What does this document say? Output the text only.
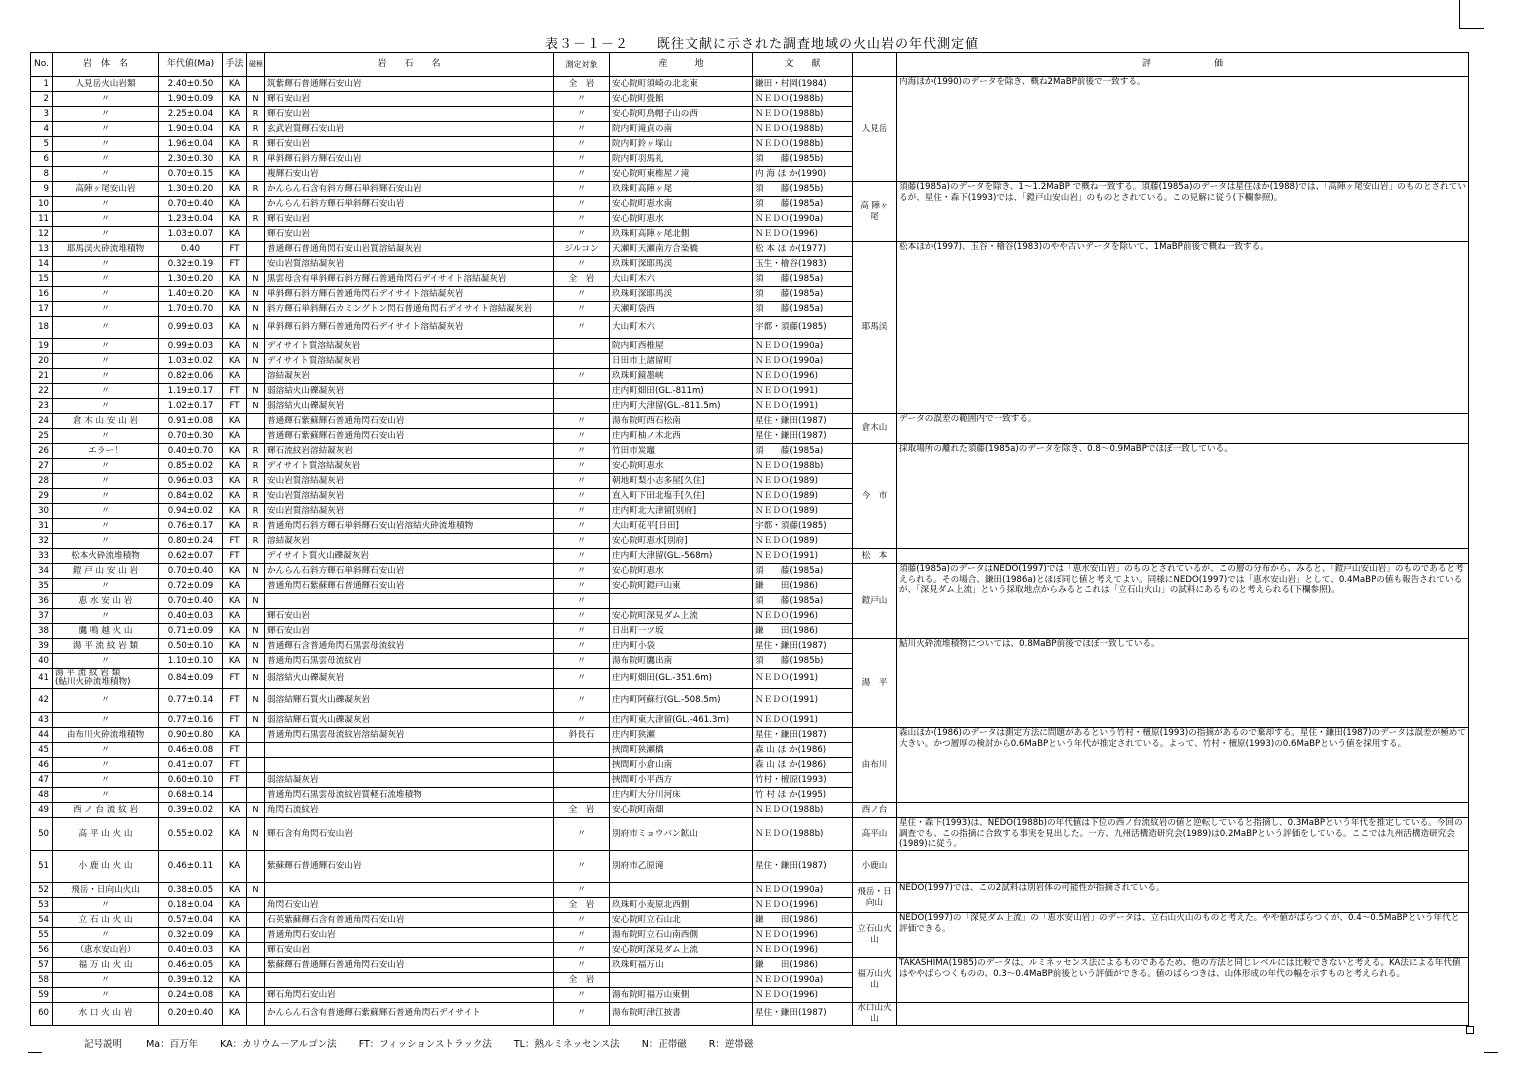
表３－１－２　　既往文献に示された調査地域の火山岩の年代測定値
No.	岩　体　名	年代値(Ma)	手法	磁極	岩　　石　　名	測定対象	産　　　地	文　　献		評　　　　　　　価
1	人見岳火山岩類	2.40±0.50	KA		筑紫輝石普通輝石安山岩	全　岩	安心院町須崎の北北東	鎌田・村岡(1984)	人見岳	内海ほか(1990)のデータを除き、概ね2MaBP前後で一致する。
2	〃	1.90±0.09	KA	N	輝石安山岩	〃	安心院町畳館	ＮＥＤＯ(1988b)		
3	〃	2.25±0.04	KA	R	輝石安山岩	〃	安心院町鳥帽子山の西	ＮＥＤＯ(1988b)		
4	〃	1.90±0.04	KA	R	玄武岩質輝石安山岩	〃	院内町滝貞の南	ＮＥＤＯ(1988b)		
5	〃	1.96±0.04	KA	R	輝石安山岩	〃	院内町鈴ヶ塚山	ＮＥＤＯ(1988b)		
6	〃	2.30±0.30	KA	R	単斜輝石斜方輝石安山岩	〃	院内町羽馬礼	須　　藤(1985b)		
8	〃	0.70±0.15	KA		複輝石安山岩	〃	安心院町東椎屋ノ滝	内 海 ほ か(1990)		
9	高陣ヶ尾安山岩	1.30±0.20	KA	R	かんらん石含有斜方輝石単斜輝石安山岩	〃	玖珠町高陣ヶ尾	須　　藤(1985b)	高 陣ヶ 尾	須藤(1985a)のデータを除き、1～1.2MaBP で概ね一致する。須藤(1985a)のデータは星住ほか(1988)では、「高陣ヶ尾安山岩」のものとされているが、星住・森下(1993)では、「鎧戸山安山岩」のものとされている。この見解に従う(下欄参照)。
10	〃	0.70±0.40	KA		かんらん石斜方輝石単斜輝石安山岩	〃	安心院町恵水南	須　　藤(1985a)		
11	〃	1.23±0.04	KA	R	輝石安山岩	〃	安心院町恵水	ＮＥＤＯ(1990a)		
12	〃	1.03±0.07	KA		輝石安山岩	〃	玖珠町高陣ヶ尾北側	ＮＥＤＯ(1996)		
13	耶馬渓火砕流堆積物	0.40	FT		普通輝石普通角閃石安山岩質溶結凝灰岩	ジルコン	天瀬町天瀬南方合楽橋	松 本 ほ か(1977)	耶馬渓	松本ほか(1997)、玉谷・檜谷(1983)のやや古いデータを除いて、1MaBP前後で概ね一致する。
14	〃	0.32±0.19	FT		安山岩質溶結凝灰岩	〃	玖珠町深耶馬渓	玉生・檜谷(1983)		
15	〃	1.30±0.20	KA	N	黒雲母含有単斜輝石斜方輝石普通角閃石デイサイト溶結凝灰岩	全　岩	大山町木六	須　　藤(1985a)		
16	〃	1.40±0.20	KA	N	単斜輝石斜方輝石普通角閃石デイサイト溶結凝灰岩	〃	玖珠町深耶馬渓	須　　藤(1985a)		
17	〃	1.70±0.70	KA	N	斜方輝石単斜輝石カミングトン閃石普通角閃石デイサイト溶結凝灰岩	〃	天瀬町袋西	須　　藤(1985a)		
18	〃	0.99±0.03	KA	N	単斜輝石斜方輝石普通角閃石デイサイト溶結凝灰岩	〃	大山町木六	宇都・須藤(1985)		
19	〃	0.99±0.03	KA	N	デイサイト質溶結凝灰岩		院内町西椎屋	ＮＥＤＯ(1990a)		
20	〃	1.03±0.02	KA	N	デイサイト質溶結凝灰岩		日田市上諸留町	ＮＥＤＯ(1990a)		
21	〃	0.82±0.06	KA		溶結凝灰岩	〃	玖珠町鏡墨峡	ＮＥＤＯ(1996)		
22	〃	1.19±0.17	FT	N	弱溶結火山礫凝灰岩		庄内町畑田(GL.-811m)	ＮＥＤＯ(1991)		
23	〃	1.02±0.17	FT	N	弱溶結火山礫凝灰岩		庄内町大津留(GL.-811.5m)	ＮＥＤＯ(1991)		
24	倉 木 山 安 山 岩	0.91±0.08	KA		普通輝石紫蘇輝石普通角閃石安山岩	〃	湯布院町西石松南	星住・鎌田(1987)	倉木山	データの誤差の範囲内で一致する。
25	〃	0.70±0.30	KA		普通輝石紫蘇輝石普通角閃石安山岩	〃	庄内町柚ノ木北西	星住・鎌田(1987)		
26	エラー！	0.40±0.70	KA	R	輝石流紋岩溶結凝灰岩	〃	竹田市炭竈	須　　藤(1985a)	今　市	採取場所の離れた須藤(1985a)のデータを除き、0.8～0.9MaBPでほぼ一致している。
27	〃	0.85±0.02	KA	R	デイサイト質溶結凝灰岩	〃	安心院町恵水	ＮＥＤＯ(1988b)		
28	〃	0.96±0.03	KA	R	安山岩質溶結凝灰岩	〃	朝地町梨小志多屋[久住]	ＮＥＤＯ(1989)		
29	〃	0.84±0.02	KA	R	安山岩質溶結凝灰岩	〃	直入町下田北塩手[久住]	ＮＥＤＯ(1989)		
30	〃	0.94±0.02	KA	R	安山岩質溶結凝灰岩	〃	庄内町北大津留[別府]	ＮＥＤＯ(1989)		
31	〃	0.76±0.17	KA	R	普通角閃石斜方輝石単斜輝石安山岩溶結火砕流堆積物	〃	大山町花平[日田]	宇都・須藤(1985)		
32	〃	0.80±0.24	FT	R	溶結凝灰岩	〃	安心院町恵水[別府]	ＮＥＤＯ(1989)		
33	松本火砕流堆積物	0.62±0.07	FT		デイサイト質火山礫凝灰岩	〃	庄内町大津留(GL.-568m)	ＮＥＤＯ(1991)	松　本	
34	鎧 戸 山 安 山 岩	0.70±0.40	KA	N	かんらん石斜方輝石単斜輝石安山岩	〃	安心院町恵水	須　　藤(1985a)	鎧戸山	須藤(1985a)のデータはNEDO(1997)では「恵水安山岩」のものとされているが、この層の分布から、みると、「鎧戸山安山岩」のものであると考えられる。その場合、鎌田(1986a)とほぼ同じ値と考えてよい。同様にNEDO(1997)では「恵水安山岩」として、0.4MaBPの値も報告されているが、「深見ダム上流」という採取地点からみるとこれは「立石山火山」の試料にあるものと考えられる(下欄参照)。
35	〃	0.72±0.09	KA		普通角閃石紫蘇輝石普通輝石安山岩	〃	安心院町鎧戸山東	鎌　　田(1986)		
36	恵 水 安 山 岩	0.70±0.40	KA	N		〃		須　　藤(1985a)		
37	〃	0.40±0.03	KA		輝石安山岩	〃	安心院町深見ダム上流	ＮＥＤＯ(1996)		
38	鷹 鳴 越 火 山	0.71±0.09	KA	N	輝石安山岩	〃	日出町一ツ坂	鎌　　田(1986)		
39	湯 平 流 紋 岩 類	0.50±0.10	KA	N	普通輝石含普通角閃石黒雲母流紋岩	〃	庄内町小袋	星住・鎌田(1987)	湯　平	鮎川火砕流堆積物については、0.8MaBP前後でほぼ一致している。
40	〃	1.10±0.10	KA	N	普通角閃石黒雲母流紋岩	〃	湯布院町鷹出南	須　　藤(1985b)		
41	湯 平 流 紋 岩 類
(鮎川火砕流堆積物)	0.84±0.09	FT	N	弱溶結火山礫凝灰岩	〃	庄内町畑田(GL.-351.6m)	ＮＥＤＯ(1991)		
42	〃	0.77±0.14	FT	N	弱溶結輝石質火山礫凝灰岩	〃	庄内町阿蘇行(GL.-508.5m)	ＮＥＤＯ(1991)		
43	〃	0.77±0.16	FT	N	弱溶結輝石質火山礫凝灰岩	〃	庄内町東大津留(GL.-461.3m)	ＮＥＤＯ(1991)		
44	由布川火砕流堆積物	0.90±0.80	KA		普通角閃石黒雲母流紋岩溶結凝灰岩	斜長石	庄内町狭瀬	星住・鎌田(1987)	由布川	森山ほか(1986)のデータは測定方法に問題があるという竹村・檀原(1993)の指摘があるので棄却する。星住・鎌田(1987)のデータは誤差が極めて大きい。かつ層厚の検討から0.6MaBPという年代が推定されている。よって、竹村・檀原(1993)の0.6MaBPという値を採用する。
45	〃	0.46±0.08	FT				挾間町狭瀬橋	森 山 ほ か(1986)		
46	〃	0.41±0.07	FT				挾間町小倉山南	森 山 ほ か(1986)		
47	〃	0.60±0.10	FT		弱溶結凝灰岩		挾間町小平西方	竹村・檀原(1993)		
48	〃	0.68±0.14			普通角閃石黒雲母流紋岩質軽石流堆積物		庄内町大分川河床	竹 村 ほ か(1995)		
49	西 ノ 台 流 紋 岩	0.39±0.02	KA	N	角閃石流紋岩	全　岩	安心院町南畑	ＮＥＤＯ(1988b)	西ノ台	
50	高 平 山 火 山	0.55±0.02	KA	N	輝石含有角閃石安山岩	〃	別府市ミョウバン鉱山	ＮＥＤＯ(1988b)	高平山	星住・森下(1993)は、NEDO(1988b)の年代値は下位の西ノ台流紋岩の値と逆転していると指摘し、0.3MaBPという年代を推定している。今回の調査でも、この指摘に合致する事実を見出した。一方、九州活構造研究会(1989)は0.2MaBPという評価をしている。ここでは九州活構造研究会(1989)に従う。
51	小 鹿 山 火 山	0.46±0.11	KA		紫蘇輝石普通輝石安山岩	〃	別府市乙原滝	星住・鎌田(1987)	小鹿山	
52	飛岳・日向山火山	0.38±0.05	KA	N		〃		ＮＥＤＯ(1990a)	飛岳・日向山	NEDO(1997)では、この2試料は別岩体の可能性が指摘されている。
53	〃	0.18±0.04	KA		角閃石安山岩	全　岩	玖珠町小麦原北西側	ＮＥＤＯ(1996)		
54	立 石 山 火 山	0.57±0.04	KA		石英紫蘇輝石含有普通角閃石安山岩	〃	安心院町立石山北	鎌　　田(1986)	立石山火　山	NEDO(1997)の「深見ダム上流」の「恵水安山岩」のデータは、立石山火山のものと考えた。やや値がばらつくが、0.4～0.5MaBPという年代と評価できる。
55	〃	0.32±0.09	KA		普通角閃石安山岩	〃	湯布院町立石山南西側	ＮＥＤＯ(1996)		
56	（恵水安山岩）	0.40±0.03	KA		輝石安山岩	〃	安心院町深見ダム上流	ＮＥＤＯ(1996)		
57	福 万 山 火 山	0.46±0.05	KA		紫蘇輝石普通輝石普通角閃石安山岩	〃	玖珠町福万山	鎌　　田(1986)	福万山火　山	TAKASHIMA(1985)のデータは、ルミネッセンス法によるものであるため、他の方法と同じレベルには比較できないと考える。KA法による年代値はややばらつくものの、0.3～0.4MaBP前後という評価ができる。値のばらつきは、山体形成の年代の幅を示すものと考えられる。
58	〃	0.39±0.12	KA			全　岩		ＮＥＤＯ(1990a)		
59	〃	0.24±0.08	KA		輝石角閃石安山岩	〃	湯布院町福万山東側	ＮＥＤＯ(1996)		
60	水 口 火 山 岩	0.20±0.40	KA		かんらん石含有普通輝石紫蘇輝石普通角閃石デイサイト	〃	湯布院町津江披書	星住・鎌田(1987)	水口山火　山	

記号説明	Ma：百万年 KA：カリウム－アルゴン法 FT：フィッションストラック法 TL：熱ルミネッセンス法 N：正帯磁 R：逆帯磁
